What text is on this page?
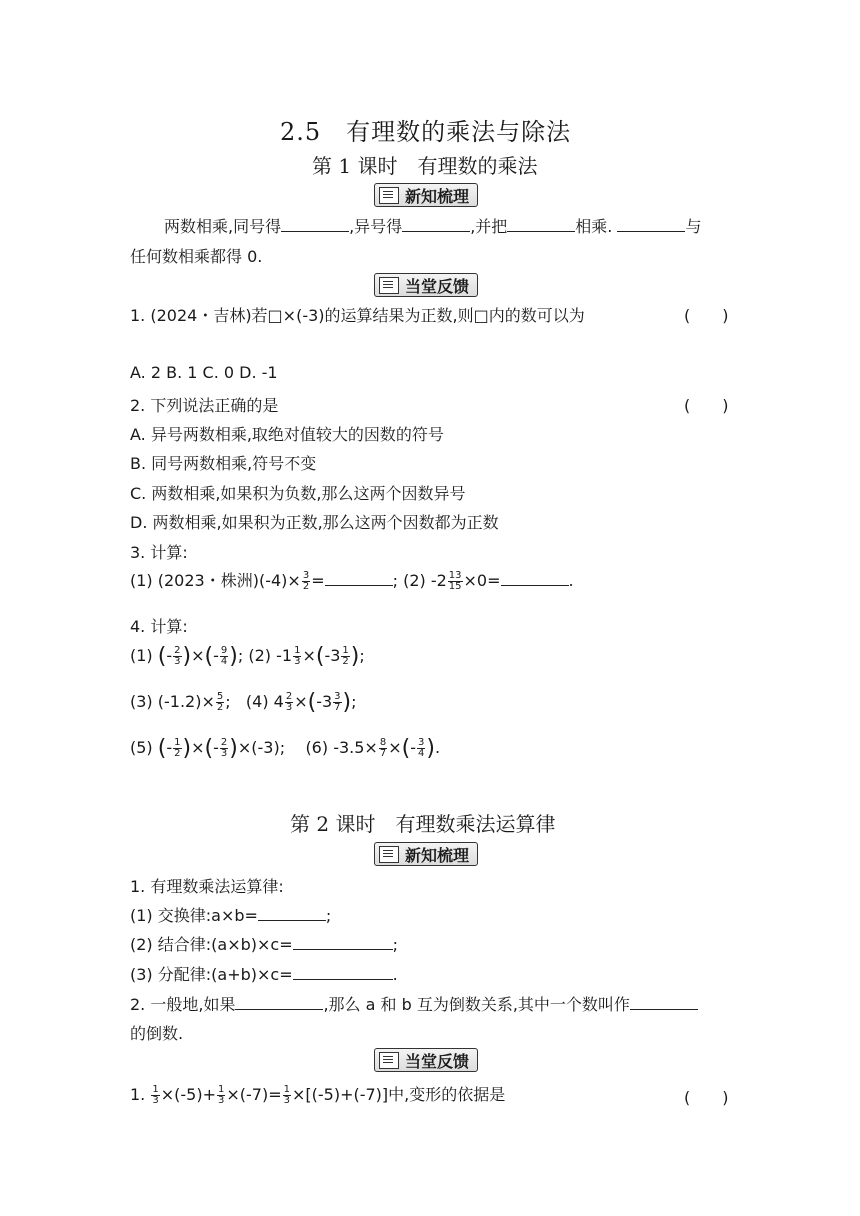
2.5　有理数的乘法与除法
第 1 课时　有理数的乘法
新知梳理
两数相乘,同号得	,异号得	,并把	相乘.	与
任何数相乘都得 0.
当堂反馈
1. (2024・吉林)若□×(-3)的运算结果为正数,则□内的数可以为	(　　)
A. 2 B. 1 C. 0 D. -1
2. 下列说法正确的是	(　　)
A. 异号两数相乘,取绝对值较大的因数的符号
B. 同号两数相乘,符号不变
C. 两数相乘,如果积为负数,那么这两个因数异号
D. 两数相乘,如果积为正数,那么这两个因数都为正数
3. 计算:
(1) (2023・株洲)$(-4)\times \frac{3}{2}$ =	; (2) $-2 \frac{13}{15} \times 0=$	.
4. 计算:
(1) (- $\frac{2}{3}$ )×(- $\frac{9}{4}$ ); (2) $-1 \frac{1}{3} \times(-3 \frac{1}{2}$ );
(3) $(-1.2)\times \frac{5}{2}$ ;   (4) $4 \frac{2}{3} \times(-3 \frac{3}{7}$ );
(5) (- $\frac{1}{2}$ )×(- $\frac{2}{3} )\times(-3)$;    (6) $-3.5\times \frac{8}{7}$ ×(- $\frac{3}{4}$ ).
第 2 课时　有理数乘法运算律
新知梳理
1. 有理数乘法运算律:
(1) 交换律:a×b=	;
(2) 结合律:(a×b)×c=	;
(3) 分配律:(a+b)×c=	.
2. 一般地,如果	,那么 a 和 b 互为倒数关系,其中一个数叫作
的倒数.
当堂反馈
1. $\frac{1}{3} \times(-5)+ \frac{1}{3} \times(-7)= \frac{1}{3} \times[(-5)+(-7)]$中,变形的依据是	(　　)
